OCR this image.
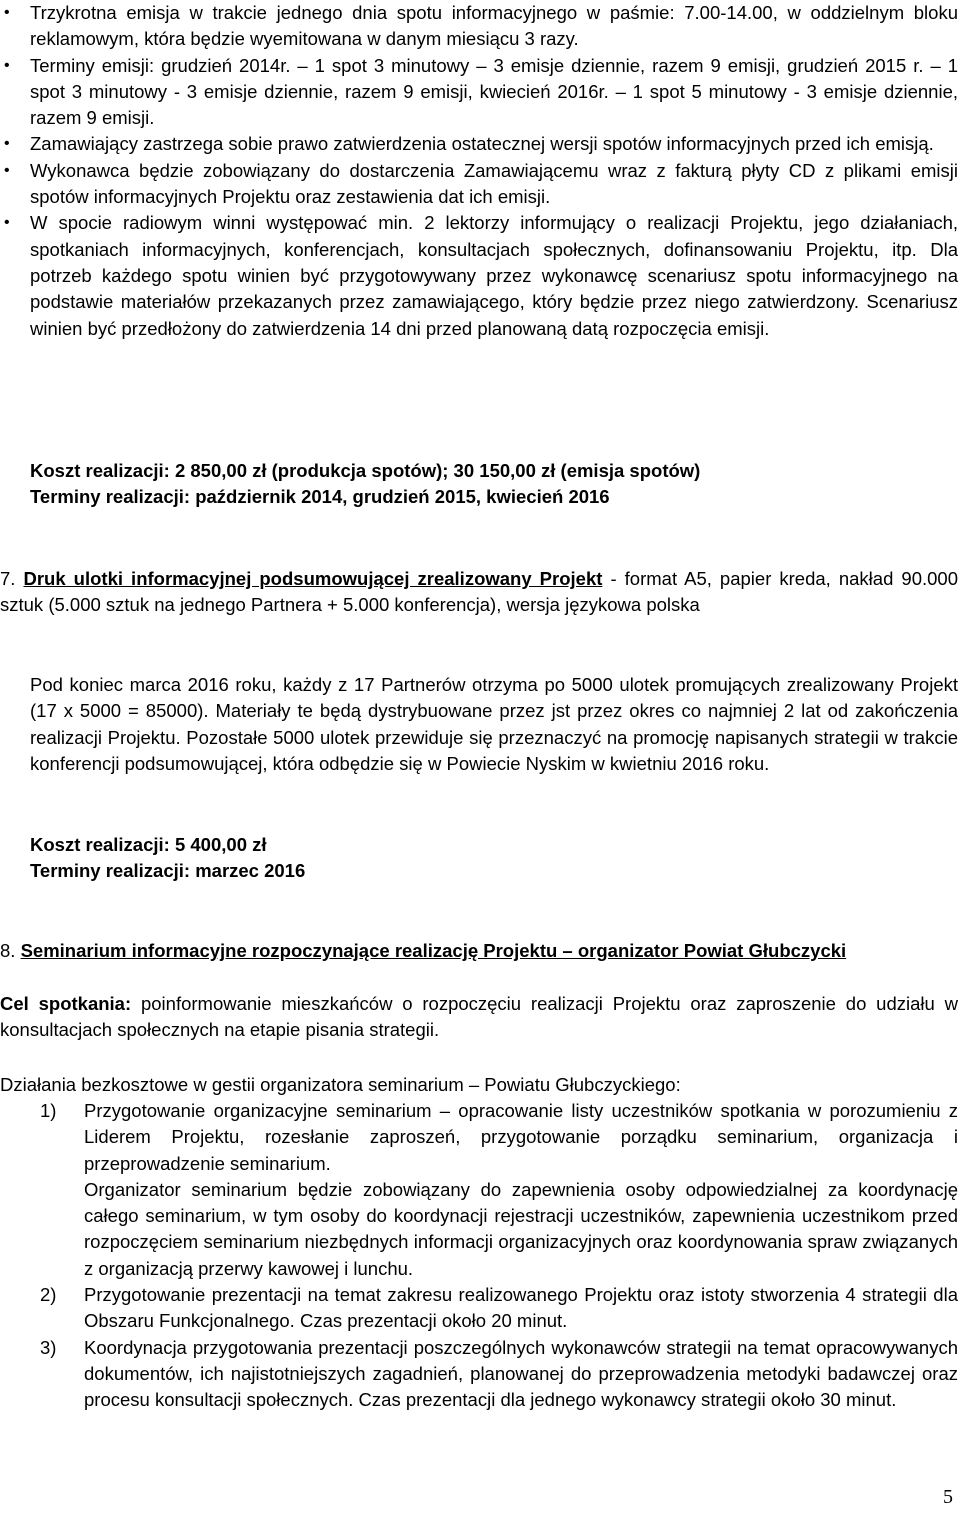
• Trzykrotna emisja w trakcie jednego dnia spotu informacyjnego w paśmie: 7.00-14.00, w oddzielnym bloku reklamowym, która będzie wyemitowana w danym miesiącu 3 razy.
• Terminy emisji: grudzień 2014r. – 1 spot 3 minutowy – 3 emisje dziennie, razem 9 emisji, grudzień 2015 r. – 1 spot 3 minutowy - 3 emisje dziennie, razem 9 emisji, kwiecień 2016r. – 1 spot 5 minutowy - 3 emisje dziennie, razem 9 emisji.
• Zamawiający zastrzega sobie prawo zatwierdzenia ostatecznej wersji spotów informacyjnych przed ich emisją.
• Wykonawca będzie zobowiązany do dostarczenia Zamawiającemu wraz z fakturą płyty CD z plikami emisji spotów informacyjnych Projektu oraz zestawienia dat ich emisji.
• W spocie radiowym winni występować min. 2 lektorzy informujący o realizacji Projektu, jego działaniach, spotkaniach informacyjnych, konferencjach, konsultacjach społecznych, dofinansowaniu Projektu, itp. Dla potrzeb każdego spotu winien być przygotowywany przez wykonawcę scenariusz spotu informacyjnego na podstawie materiałów przekazanych przez zamawiającego, który będzie przez niego zatwierdzony. Scenariusz winien być przedłożony do zatwierdzenia 14 dni przed planowaną datą rozpoczęcia emisji.

Koszt realizacji: 2 850,00 zł (produkcja spotów); 30 150,00 zł (emisja spotów)

Terminy realizacji: październik 2014, grudzień 2015, kwiecień 2016

7. Druk ulotki informacyjnej podsumowującej zrealizowany Projekt - format A5, papier kreda, nakład 90.000 sztuk (5.000 sztuk na jednego Partnera + 5.000 konferencja), wersja językowa polska

Pod koniec marca 2016 roku, każdy z 17 Partnerów otrzyma po 5000 ulotek promujących zrealizowany Projekt (17 x 5000 = 85000). Materiały te będą dystrybuowane przez jst przez okres co najmniej 2 lat od zakończenia realizacji Projektu. Pozostałe 5000 ulotek przewiduje się przeznaczyć na promocję napisanych strategii w trakcie konferencji podsumowującej, która odbędzie się w Powiecie Nyskim w kwietniu 2016 roku.

Koszt realizacji: 5 400,00 zł

Terminy realizacji: marzec 2016

8. Seminarium informacyjne rozpoczynające realizację Projektu – organizator Powiat Głubczycki

Cel spotkania: poinformowanie mieszkańców o rozpoczęciu realizacji Projektu oraz zaproszenie do udziału w konsultacjach społecznych na etapie pisania strategii.

Działania bezkosztowe w gestii organizatora seminarium – Powiatu Głubczyckiego:

1) Przygotowanie organizacyjne seminarium – opracowanie listy uczestników spotkania w porozumieniu z Liderem Projektu, rozesłanie zaproszeń, przygotowanie porządku seminarium, organizacja i przeprowadzenie seminarium.

Organizator seminarium będzie zobowiązany do zapewnienia osoby odpowiedzialnej za koordynację całego seminarium, w tym osoby do koordynacji rejestracji uczestników, zapewnienia uczestnikom przed rozpoczęciem seminarium niezbędnych informacji organizacyjnych oraz koordynowania spraw związanych z organizacją przerwy kawowej i lunchu.

2) Przygotowanie prezentacji na temat zakresu realizowanego Projektu oraz istoty stworzenia 4 strategii dla Obszaru Funkcjonalnego. Czas prezentacji około 20 minut.

3) Koordynacja przygotowania prezentacji poszczególnych wykonawców strategii na temat opracowywanych dokumentów, ich najistotniejszych zagadnień, planowanej do przeprowadzenia metodyki badawczej oraz procesu konsultacji społecznych. Czas prezentacji dla jednego wykonawcy strategii około 30 minut.

5
